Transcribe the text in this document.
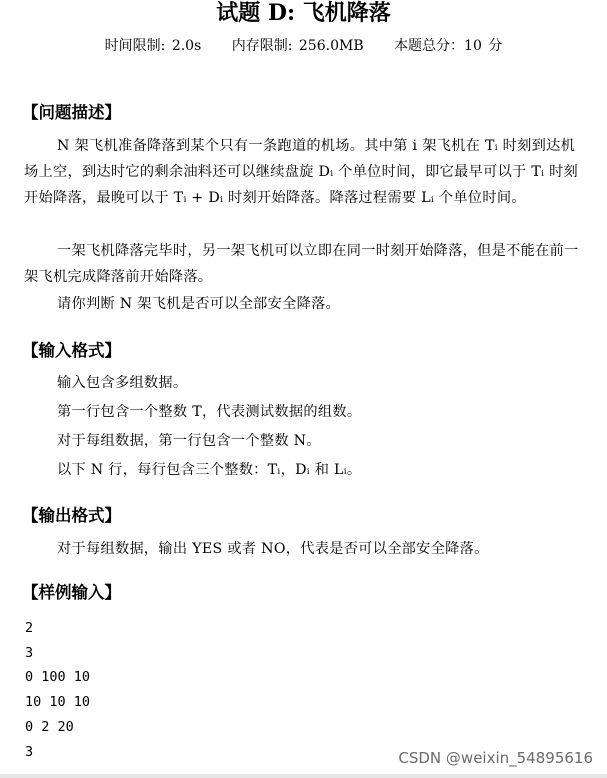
试题 D: 飞机降落
时间限制: 2.0s 内存限制: 256.0MB 本题总分：10 分
【问题描述】
N 架飞机准备降落到某个只有一条跑道的机场。其中第 i 架飞机在 Tᵢ 时刻到达机场上空，到达时它的剩余油料还可以继续盘旋 Dᵢ 个单位时间，即它最早可以于 Tᵢ 时刻开始降落，最晚可以于 Tᵢ + Dᵢ 时刻开始降落。降落过程需要 Lᵢ 个单位时间。
一架飞机降落完毕时，另一架飞机可以立即在同一时刻开始降落，但是不能在前一架飞机完成降落前开始降落。
请你判断 N 架飞机是否可以全部安全降落。
【输入格式】
输入包含多组数据。
第一行包含一个整数 T，代表测试数据的组数。
对于每组数据，第一行包含一个整数 N。
以下 N 行，每行包含三个整数：Tᵢ，Dᵢ 和 Lᵢ。
【输出格式】
对于每组数据，输出 YES 或者 NO，代表是否可以全部安全降落。
【样例输入】
2
3
0 100 10
10 10 10
0 2 20
3	CSDN @weixin_54895616
